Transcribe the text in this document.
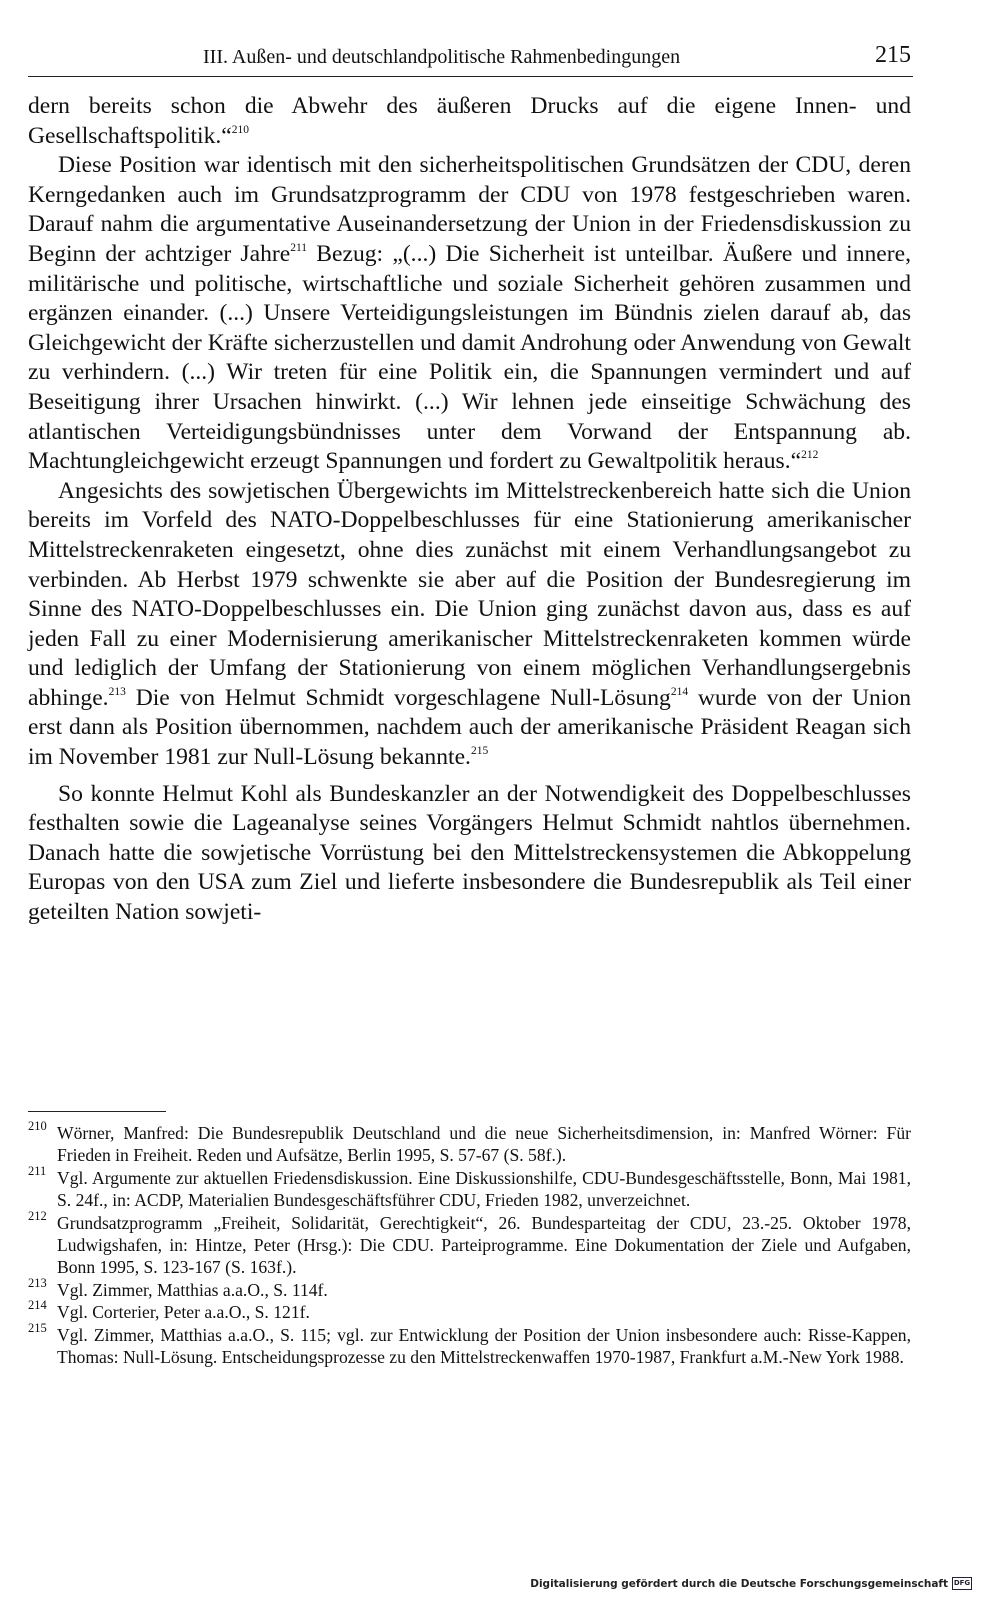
III. Außen- und deutschlandpolitische Rahmenbedingungen	215

dern bereits schon die Abwehr des äußeren Drucks auf die eigene Innen- und Gesellschaftspolitik.“$^{210}$

Diese Position war identisch mit den sicherheitspolitischen Grundsätzen der CDU, deren Kerngedanken auch im Grundsatzprogramm der CDU von 1978 festgeschrieben waren. Darauf nahm die argumentative Auseinandersetzung der Union in der Friedensdiskussion zu Beginn der achtziger Jahre$^{211}$ Bezug: „(...) Die Sicherheit ist unteilbar. Äußere und innere, militärische und politische, wirtschaftliche und soziale Sicherheit gehören zusammen und ergänzen einander. (...) Unsere Verteidigungsleistungen im Bündnis zielen darauf ab, das Gleichgewicht der Kräfte sicherzustellen und damit Androhung oder Anwendung von Gewalt zu verhindern. (...) Wir treten für eine Politik ein, die Spannungen vermindert und auf Beseitigung ihrer Ursachen hinwirkt. (...) Wir lehnen jede einseitige Schwächung des atlantischen Verteidigungsbündnisses unter dem Vorwand der Entspannung ab. Machtungleichgewicht erzeugt Spannungen und fordert zu Gewaltpolitik heraus.“$^{212}$

Angesichts des sowjetischen Übergewichts im Mittelstreckenbereich hatte sich die Union bereits im Vorfeld des NATO-Doppelbeschlusses für eine Stationierung amerikanischer Mittelstreckenraketen eingesetzt, ohne dies zunächst mit einem Verhandlungsangebot zu verbinden. Ab Herbst 1979 schwenkte sie aber auf die Position der Bundesregierung im Sinne des NATO-Doppelbeschlusses ein. Die Union ging zunächst davon aus, dass es auf jeden Fall zu einer Modernisierung amerikanischer Mittelstreckenraketen kommen würde und lediglich der Umfang der Stationierung von einem möglichen Verhandlungsergebnis abhinge.$^{213}$ Die von Helmut Schmidt vorgeschlagene Null-Lösung$^{214}$ wurde von der Union erst dann als Position übernommen, nachdem auch der amerikanische Präsident Reagan sich im November 1981 zur Null-Lösung bekannte.$^{215}$

So konnte Helmut Kohl als Bundeskanzler an der Notwendigkeit des Doppelbeschlusses festhalten sowie die Lageanalyse seines Vorgängers Helmut Schmidt nahtlos übernehmen. Danach hatte die sowjetische Vorrüstung bei den Mittelstreckensystemen die Abkoppelung Europas von den USA zum Ziel und lieferte insbesondere die Bundesrepublik als Teil einer geteilten Nation sowjeti-

210 Wörner, Manfred: Die Bundesrepublik Deutschland und die neue Sicherheitsdimension, in: Manfred Wörner: Für Frieden in Freiheit. Reden und Aufsätze, Berlin 1995, S. 57-67 (S. 58f.).
211 Vgl. Argumente zur aktuellen Friedensdiskussion. Eine Diskussionshilfe, CDU-Bundesgeschäftsstelle, Bonn, Mai 1981, S. 24f., in: ACDP, Materialien Bundesgeschäftsführer CDU, Frieden 1982, unverzeichnet.
212 Grundsatzprogramm „Freiheit, Solidarität, Gerechtigkeit“, 26. Bundesparteitag der CDU, 23.-25. Oktober 1978, Ludwigshafen, in: Hintze, Peter (Hrsg.): Die CDU. Parteiprogramme. Eine Dokumentation der Ziele und Aufgaben, Bonn 1995, S. 123-167 (S. 163f.).
213 Vgl. Zimmer, Matthias a.a.O., S. 114f.
214 Vgl. Corterier, Peter a.a.O., S. 121f.
215 Vgl. Zimmer, Matthias a.a.O., S. 115; vgl. zur Entwicklung der Position der Union insbesondere auch: Risse-Kappen, Thomas: Null-Lösung. Entscheidungsprozesse zu den Mittelstreckenwaffen 1970-1987, Frankfurt a.M.-New York 1988.
Digitalisierung gefördert durch die Deutsche Forschungsgemeinschaft DFG
